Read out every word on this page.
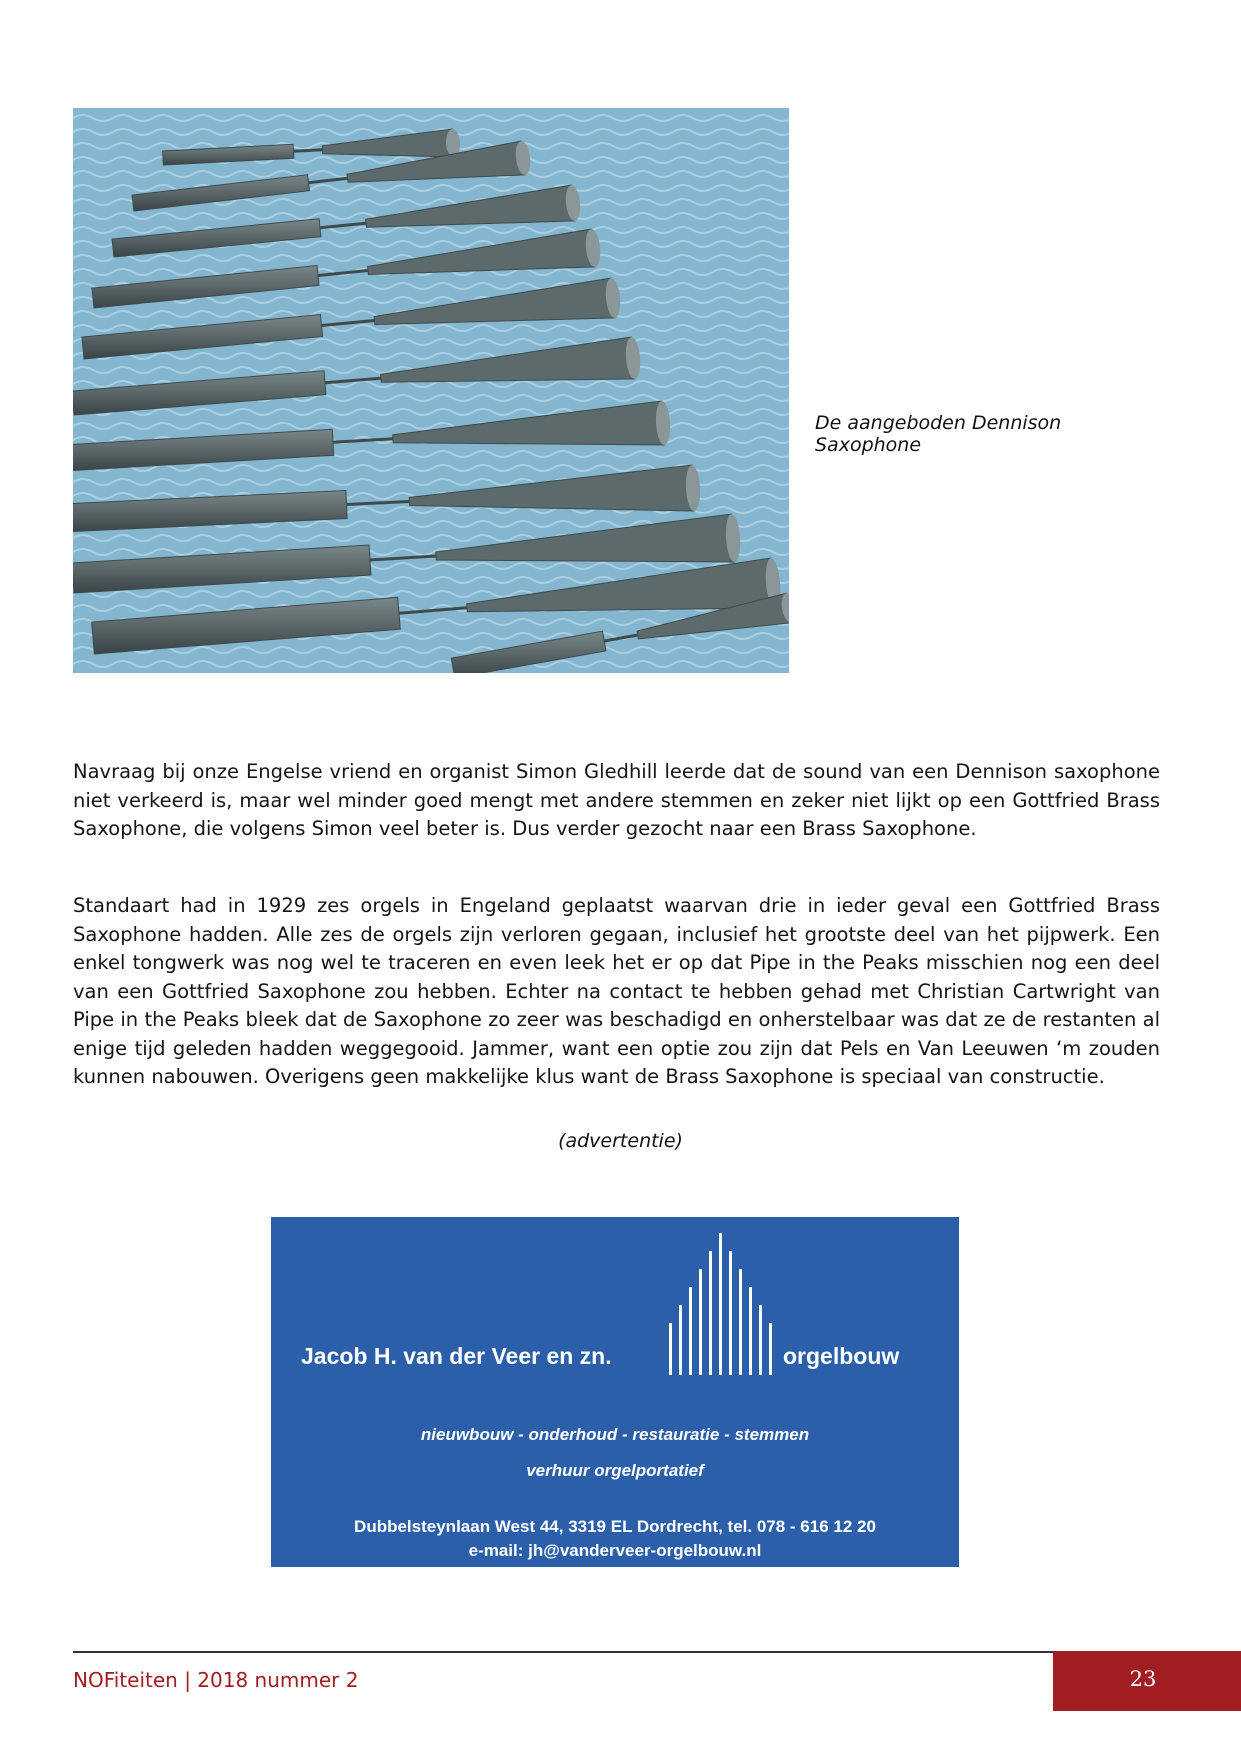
De aangeboden Dennison Saxophone

Navraag bij onze Engelse vriend en organist Simon Gledhill leerde dat de sound van een Dennison saxophone niet verkeerd is, maar wel minder goed mengt met andere stemmen en zeker niet lijkt op een Gottfried Brass Saxophone, die volgens Simon veel beter is. Dus verder gezocht naar een Brass Saxophone.

Standaart had in 1929 zes orgels in Engeland geplaatst waarvan drie in ieder geval een Gottfried Brass Saxophone hadden. Alle zes de orgels zijn verloren gegaan, inclusief het grootste deel van het pijpwerk. Een enkel tongwerk was nog wel te traceren en even leek het er op dat Pipe in the Peaks misschien nog een deel van een Gottfried Saxophone zou hebben. Echter na contact te hebben gehad met Christian Cartwright van Pipe in the Peaks bleek dat de Saxophone zo zeer was beschadigd en onherstelbaar was dat ze de restanten al enige tijd geleden hadden weggegooid. Jammer, want een optie zou zijn dat Pels en Van Leeuwen ‘m zouden kunnen nabouwen. Overigens geen makkelijke klus want de Brass Saxophone is speciaal van constructie.

(advertentie)
Jacob H. van der Veer en zn.	orgelbouw
nieuwbouw - onderhoud - restauratie - stemmen
verhuur orgelportatief
Dubbelsteynlaan West 44, 3319 EL Dordrecht, tel. 078 - 616 12 20
e-mail: jh@vanderveer-orgelbouw.nl
NOFiteiten | 2018 nummer 2	23
